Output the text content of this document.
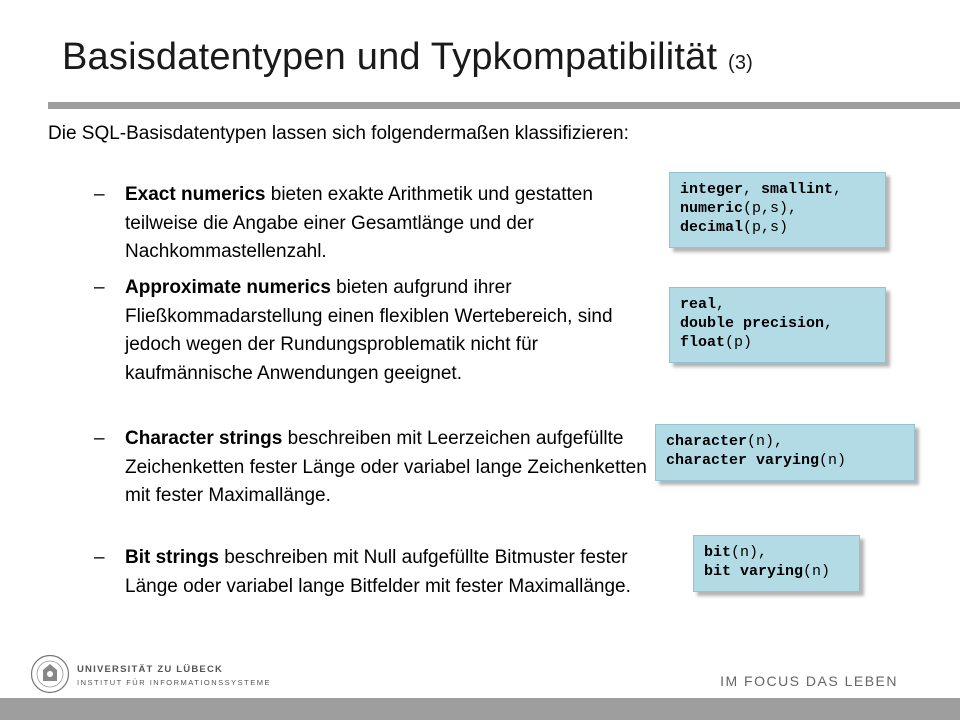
Basisdatentypen und Typkompatibilität (3)
Die SQL-Basisdatentypen lassen sich folgendermaßen klassifizieren:
– Exact numerics bieten exakte Arithmetik und gestatten teilweise die Angabe einer Gesamtlänge und der Nachkommastellenzahl.
– Approximate numerics bieten aufgrund ihrer Fließkommadarstellung einen flexiblen Wertebereich, sind jedoch wegen der Rundungsproblematik nicht für kaufmännische Anwendungen geeignet.
– Character strings beschreiben mit Leerzeichen aufgefüllte Zeichenketten fester Länge oder variabel lange Zeichenketten mit fester Maximallänge.
– Bit strings beschreiben mit Null aufgefüllte Bitmuster fester Länge oder variabel lange Bitfelder mit fester Maximallänge.
integer, smallint,
numeric(p,s),
decimal(p,s)
real,
double precision,
float(p)
character(n),
character varying(n)
bit(n),
bit varying(n)
UNIVERSITÄT ZU LÜBECK
INSTITUT FÜR INFORMATIONSSYSTEME	IM FOCUS DAS LEBEN
